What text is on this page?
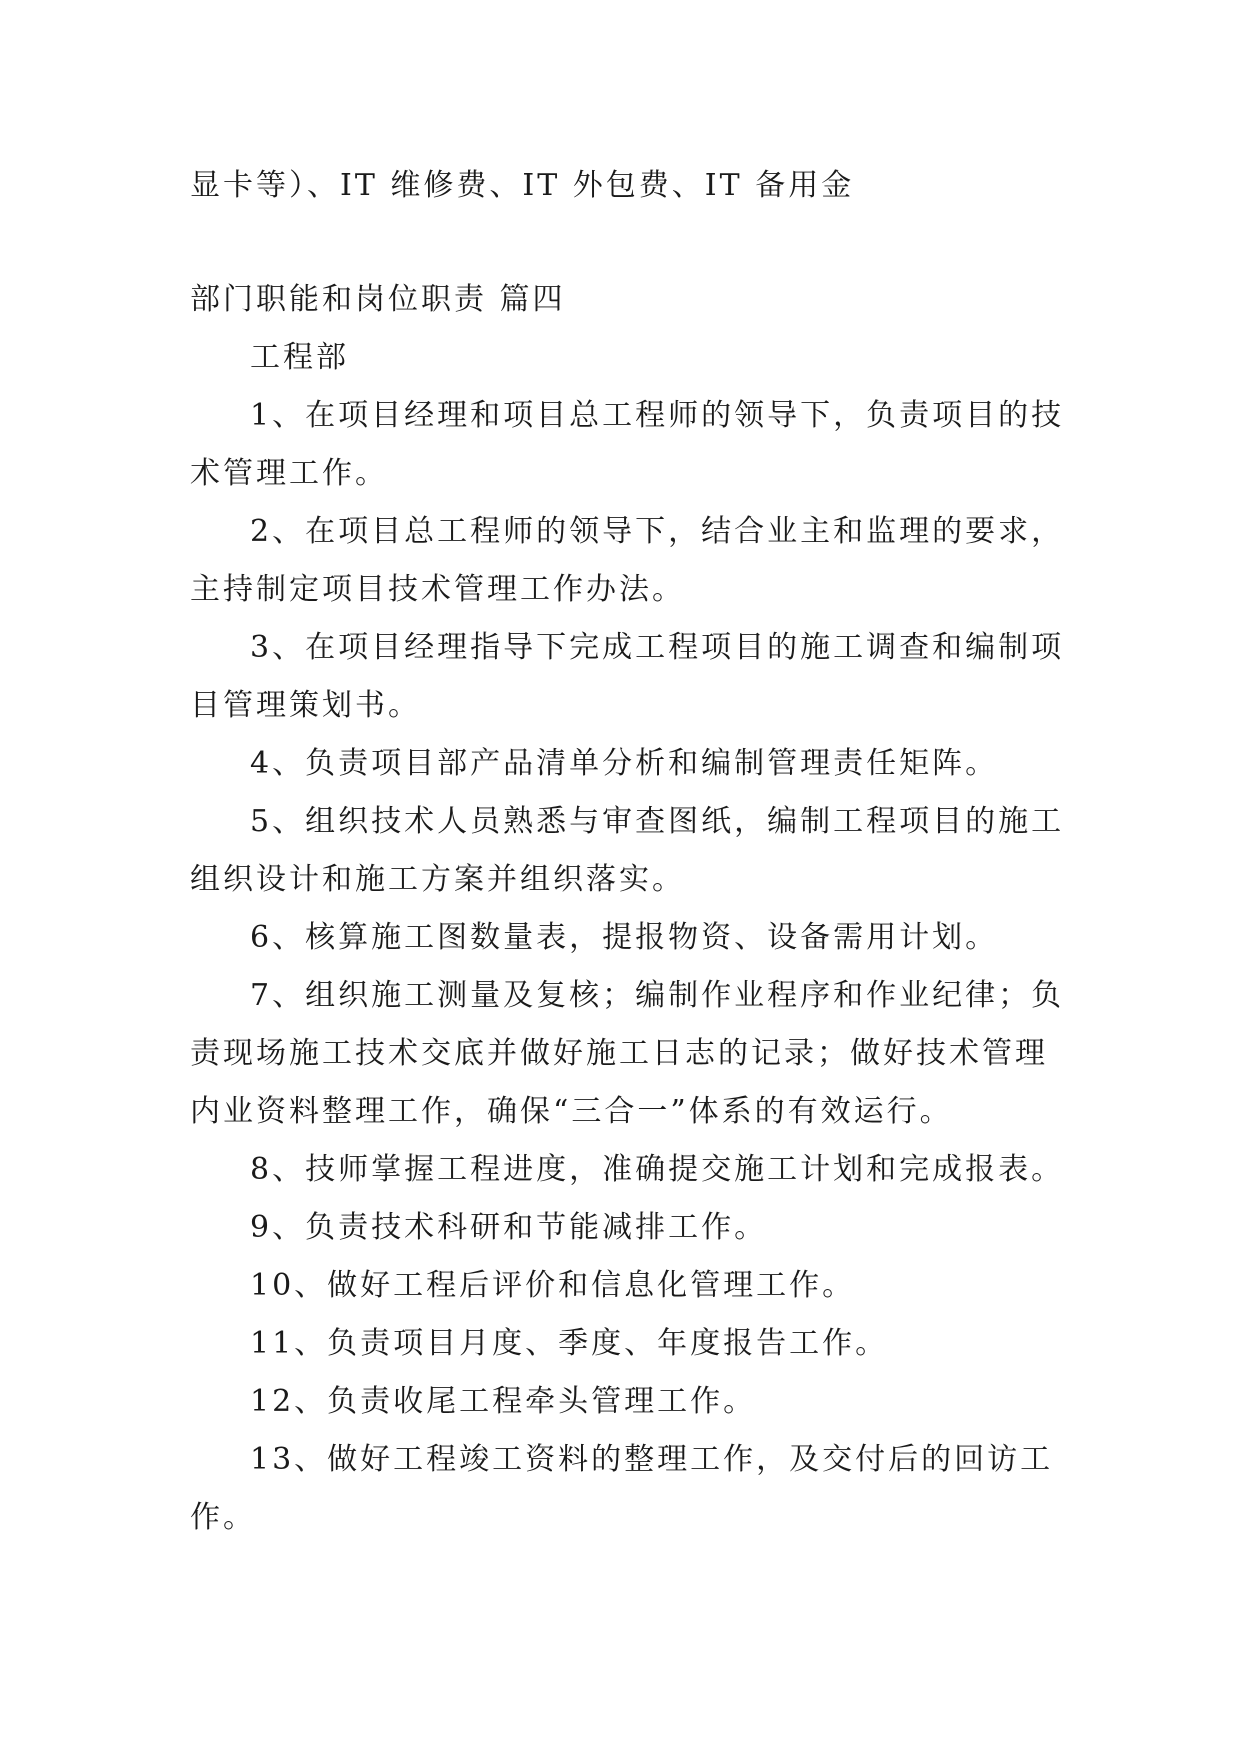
显卡等）、IT 维修费、IT 外包费、IT 备用金

部门职能和岗位职责 篇四

工程部

1、在项目经理和项目总工程师的领导下，负责项目的技术管理工作。

2、在项目总工程师的领导下，结合业主和监理的要求，主持制定项目技术管理工作办法。

3、在项目经理指导下完成工程项目的施工调查和编制项目管理策划书。

4、负责项目部产品清单分析和编制管理责任矩阵。

5、组织技术人员熟悉与审查图纸，编制工程项目的施工组织设计和施工方案并组织落实。

6、核算施工图数量表，提报物资、设备需用计划。

7、组织施工测量及复核；编制作业程序和作业纪律；负责现场施工技术交底并做好施工日志的记录；做好技术管理内业资料整理工作，确保“三合一”体系的有效运行。

8、技师掌握工程进度，准确提交施工计划和完成报表。

9、负责技术科研和节能减排工作。

10、做好工程后评价和信息化管理工作。

11、负责项目月度、季度、年度报告工作。

12、负责收尾工程牵头管理工作。

13、做好工程竣工资料的整理工作，及交付后的回访工作。
